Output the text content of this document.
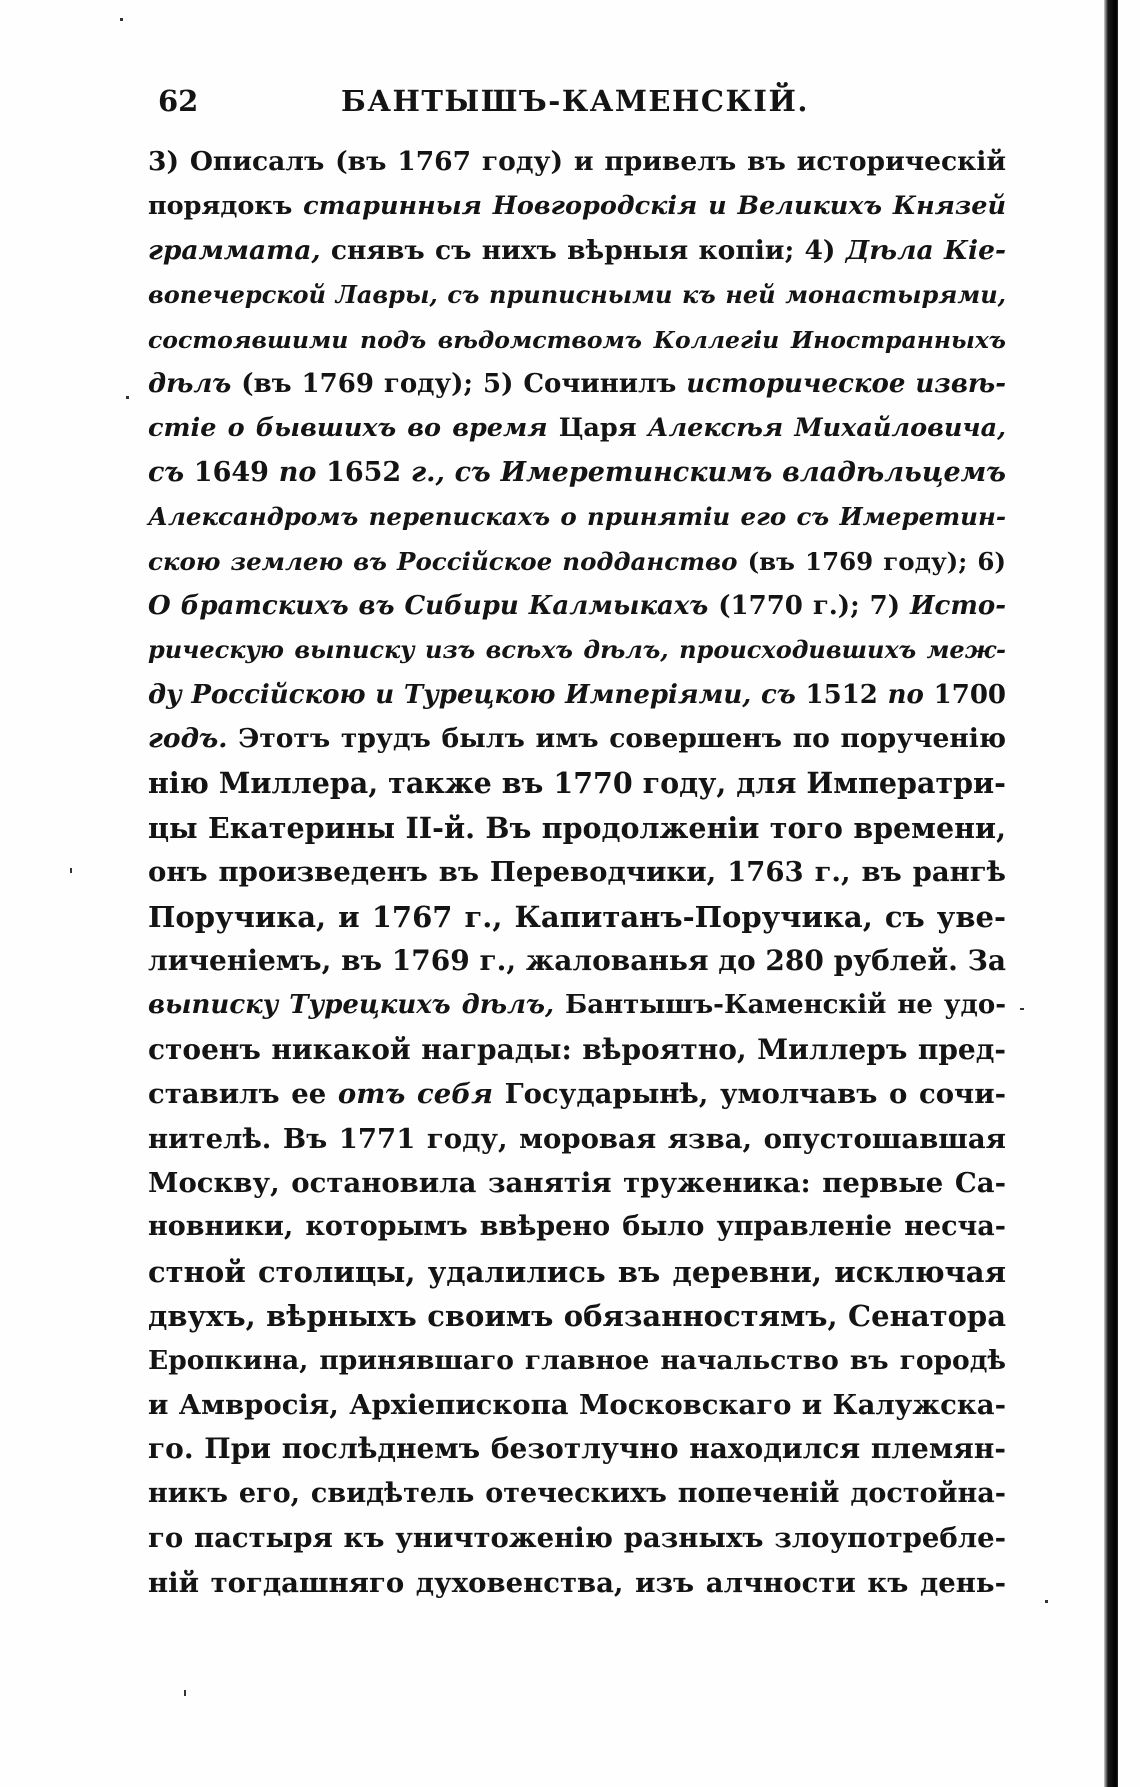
62	БАНТЫШЪ-КАМЕНСКІЙ.
3) Описалъ (въ 1767 году) и привелъ въ историческій
порядокъ старинныя Новгородскія и Великихъ Князей
граммата, снявъ съ нихъ вѣрныя копіи; 4) Дѣла Кіе-
вопечерской Лавры, съ приписными къ ней монастырями,
состоявшими подъ вѣдомствомъ Коллегіи Иностранныхъ
дѣлъ (въ 1769 году); 5) Сочинилъ историческое извѣ-
стіе о бывшихъ во время Царя Алексѣя Михайловича,
съ 1649 по 1652 г., съ Имеретинскимъ владѣльцемъ
Александромъ перепискахъ о принятіи его съ Имеретин-
скою землею въ Россійское подданство (въ 1769 году); 6)
О братскихъ въ Сибири Калмыкахъ (1770 г.); 7) Исто-
рическую выписку изъ всѣхъ дѣлъ, происходившихъ меж-
ду Россійскою и Турецкою Имперіями, съ 1512 по 1700
годъ. Этотъ трудъ былъ имъ совершенъ по порученію
нію Миллера, также въ 1770 году, для Императри-
цы Екатерины II-й. Въ продолженіи того времени,
онъ произведенъ въ Переводчики, 1763 г., въ рангѣ
Поручика, и 1767 г., Капитанъ-Поручика, съ уве-
личеніемъ, въ 1769 г., жалованья до 280 рублей. За
выписку Турецкихъ дѣлъ, Бантышъ-Каменскій не удо-
стоенъ никакой награды: вѣроятно, Миллеръ пред-
ставилъ ее отъ себя Государынѣ, умолчавъ о сочи-
нителѣ. Въ 1771 году, моровая язва, опустошавшая
Москву, остановила занятія труженика: первые Са-
новники, которымъ ввѣрено было управленіе несча-
стной столицы, удалились въ деревни, исключая
двухъ, вѣрныхъ своимъ обязанностямъ, Сенатора
Еропкина, принявшаго главное начальство въ городѣ
и Амвросія, Архіепископа Московскаго и Калужска-
го. При послѣднемъ безотлучно находился племян-
никъ его, свидѣтель отеческихъ попеченій достойна-
го пастыря къ уничтоженію разныхъ злоупотребле-
ній тогдашняго духовенства, изъ алчности къ день-
